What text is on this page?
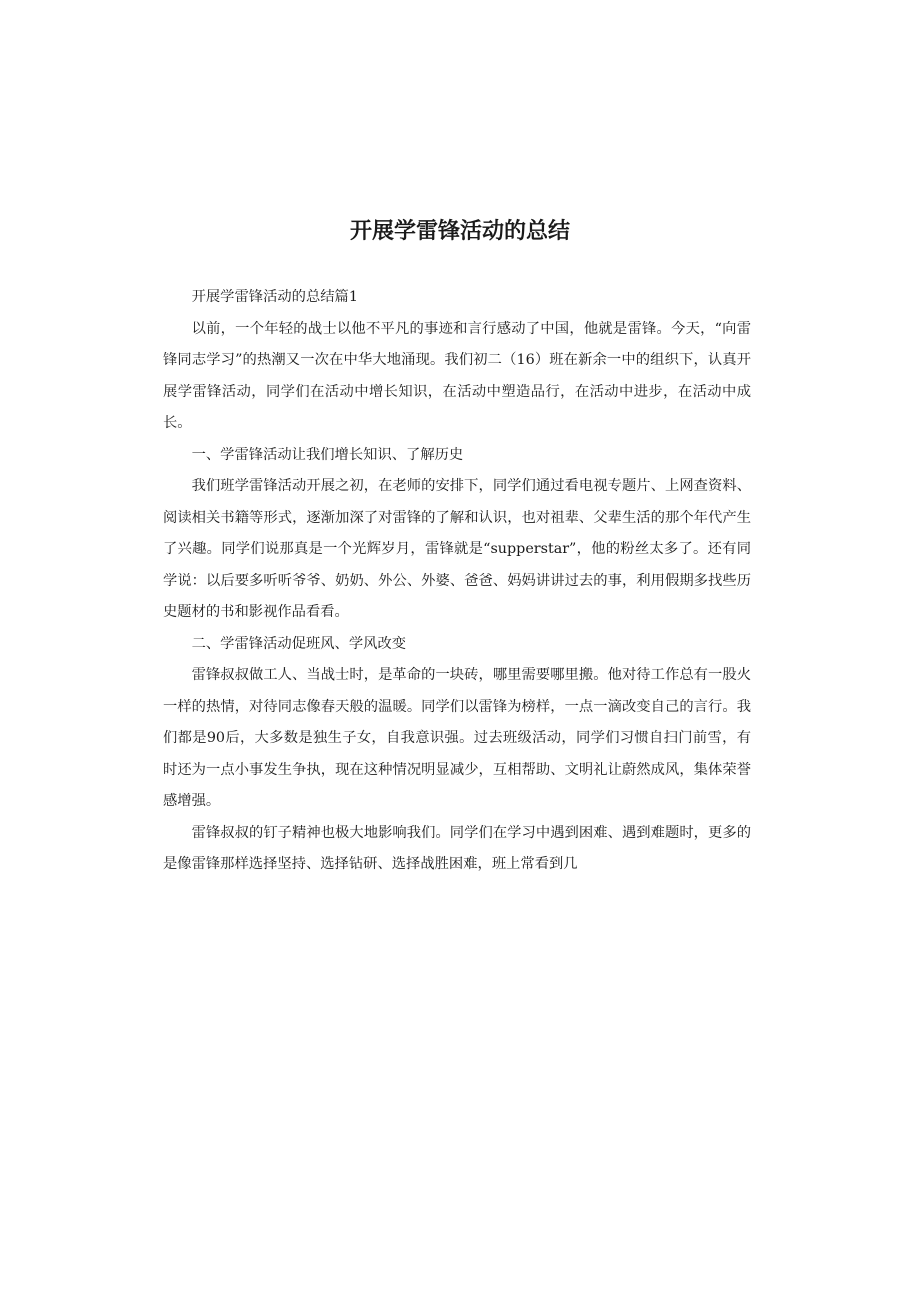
开展学雷锋活动的总结

开展学雷锋活动的总结篇1

以前，一个年轻的战士以他不平凡的事迹和言行感动了中国，他就是雷锋。今天，“向雷锋同志学习”的热潮又一次在中华大地涌现。我们初二（16）班在新余一中的组织下，认真开展学雷锋活动，同学们在活动中增长知识，在活动中塑造品行，在活动中进步，在活动中成长。

一、学雷锋活动让我们增长知识、了解历史

我们班学雷锋活动开展之初，在老师的安排下，同学们通过看电视专题片、上网查资料、阅读相关书籍等形式，逐渐加深了对雷锋的了解和认识，也对祖辈、父辈生活的那个年代产生了兴趣。同学们说那真是一个光辉岁月，雷锋就是“supperstar”，他的粉丝太多了。还有同学说：以后要多听听爷爷、奶奶、外公、外婆、爸爸、妈妈讲讲过去的事，利用假期多找些历史题材的书和影视作品看看。

二、学雷锋活动促班风、学风改变

雷锋叔叔做工人、当战士时，是革命的一块砖，哪里需要哪里搬。他对待工作总有一股火一样的热情，对待同志像春天般的温暖。同学们以雷锋为榜样，一点一滴改变自己的言行。我们都是90后，大多数是独生子女，自我意识强。过去班级活动，同学们习惯自扫门前雪，有时还为一点小事发生争执，现在这种情况明显减少，互相帮助、文明礼让蔚然成风，集体荣誉感增强。

雷锋叔叔的钉子精神也极大地影响我们。同学们在学习中遇到困难、遇到难题时，更多的是像雷锋那样选择坚持、选择钻研、选择战胜困难，班上常看到几
